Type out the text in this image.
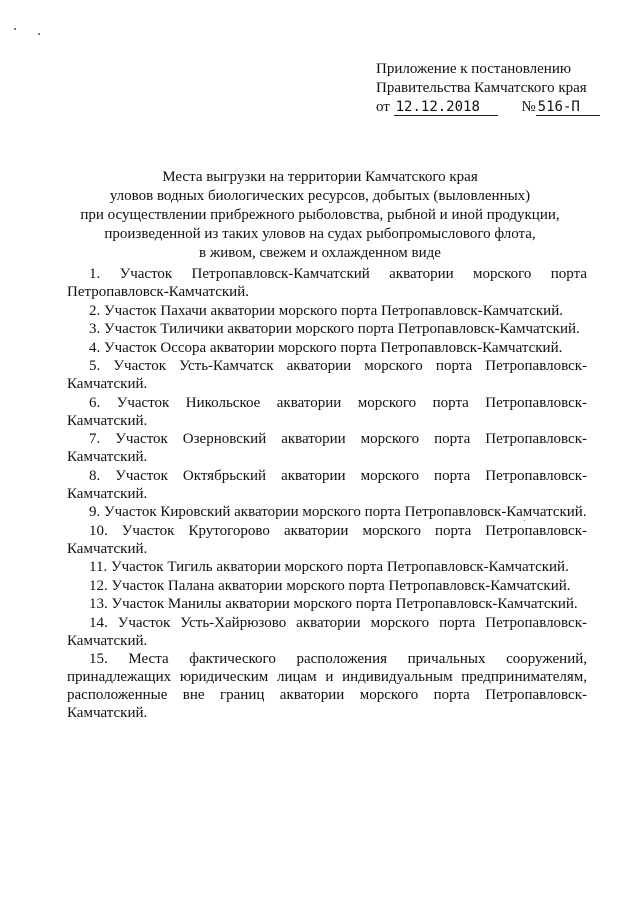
Приложение к постановлению
Правительства Камчатского края
от 12.12.2018	№ 516-П
Места выгрузки на территории Камчатского края
уловов водных биологических ресурсов, добытых (выловленных)
при осуществлении прибрежного рыболовства, рыбной и иной продукции,
произведенной из таких уловов на судах рыбопромыслового флота,
в живом, свежем и охлажденном виде

1. Участок Петропавловск-Камчатский акватории морского порта Петропавловск-Камчатский.

2. Участок Пахачи акватории морского порта Петропавловск-Камчатский.

3. Участок Тиличики акватории морского порта Петропавловск-Камчатский.

4. Участок Оссора акватории морского порта Петропавловск-Камчатский.

5. Участок Усть-Камчатск акватории морского порта Петропавловск-Камчатский.

6. Участок Никольское акватории морского порта Петропавловск-Камчатский.

7. Участок Озерновский акватории морского порта Петропавловск-Камчатский.

8. Участок Октябрьский акватории морского порта Петропавловск-Камчатский.

9. Участок Кировский акватории морского порта Петропавловск-Камчатский.

10. Участок Крутогорово акватории морского порта Петропавловск-Камчатский.

11. Участок Тигиль акватории морского порта Петропавловск-Камчатский.

12. Участок Палана акватории морского порта Петропавловск-Камчатский.

13. Участок Манилы акватории морского порта Петропавловск-Камчатский.

14. Участок Усть-Хайрюзово акватории морского порта Петропавловск-Камчатский.

15. Места фактического расположения причальных сооружений, принадлежащих юридическим лицам и индивидуальным предпринимателям, расположенные вне границ акватории морского порта Петропавловск-Камчатский.
